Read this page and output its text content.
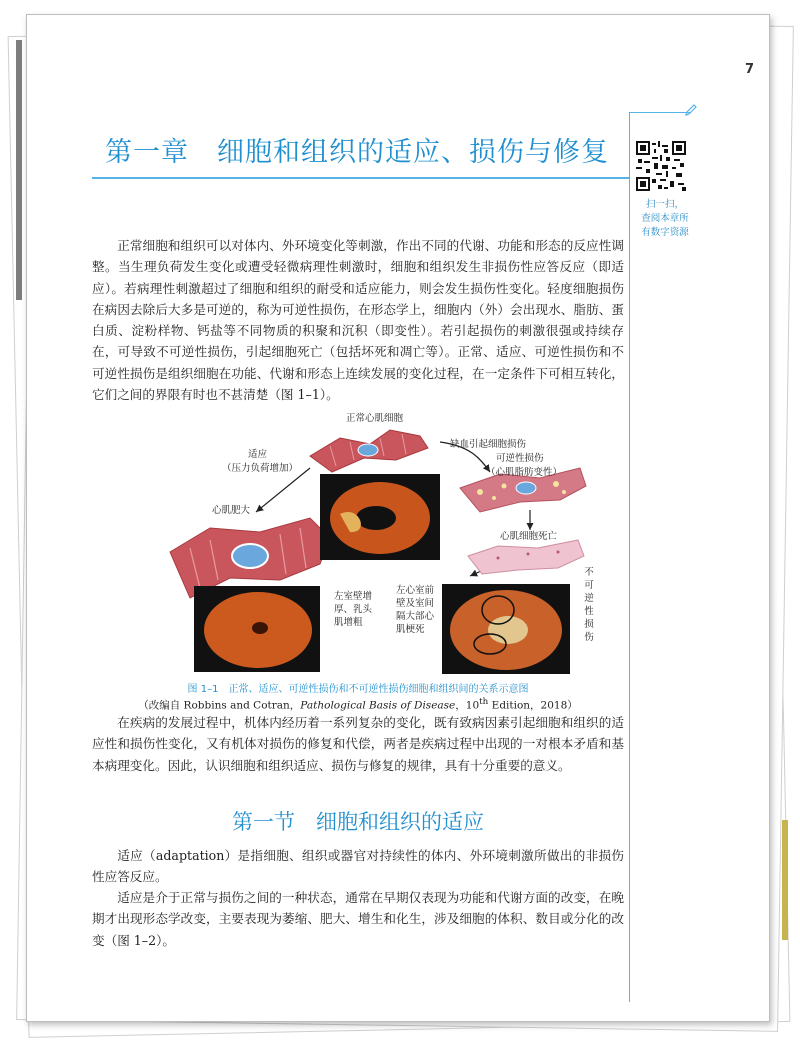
7
扫一扫，
查阅本章所
有数字资源
第一章　细胞和组织的适应、损伤与修复
正常细胞和组织可以对体内、外环境变化等刺激，作出不同的代谢、功能和形态的反应性调整。当生理负荷发生变化或遭受轻微病理性刺激时，细胞和组织发生非损伤性应答反应（即适应）。若病理性刺激超过了细胞和组织的耐受和适应能力，则会发生损伤性变化。轻度细胞损伤在病因去除后大多是可逆的，称为可逆性损伤，在形态学上，细胞内（外）会出现水、脂肪、蛋白质、淀粉样物、钙盐等不同物质的积聚和沉积（即变性）。若引起损伤的刺激很强或持续存在，可导致不可逆性损伤，引起细胞死亡（包括坏死和凋亡等）。正常、适应、可逆性损伤和不可逆性损伤是组织细胞在功能、代谢和形态上连续发展的变化过程，在一定条件下可相互转化，它们之间的界限有时也不甚清楚（图 1–1）。
正常心肌细胞
适应
（压力负荷增加）
缺血引起细胞损伤
可逆性损伤
（心肌脂肪变性）
心肌肥大
心肌细胞死亡
不可逆性损伤
左室壁增厚、乳头肌增粗
左心室前壁及室间隔大部心肌梗死
图 1–1　正常、适应、可逆性损伤和不可逆性损伤细胞和组织间的关系示意图
（改编自 Robbins and Cotran，Pathological Basis of Disease，10th Edition，2018）
在疾病的发展过程中，机体内经历着一系列复杂的变化，既有致病因素引起细胞和组织的适应性和损伤性变化，又有机体对损伤的修复和代偿，两者是疾病过程中出现的一对根本矛盾和基本病理变化。因此，认识细胞和组织适应、损伤与修复的规律，具有十分重要的意义。
第一节　细胞和组织的适应
适应（adaptation）是指细胞、组织或器官对持续性的体内、外环境刺激所做出的非损伤性应答反应。
适应是介于正常与损伤之间的一种状态，通常在早期仅表现为功能和代谢方面的改变，在晚期才出现形态学改变，主要表现为萎缩、肥大、增生和化生，涉及细胞的体积、数目或分化的改变（图 1–2）。
